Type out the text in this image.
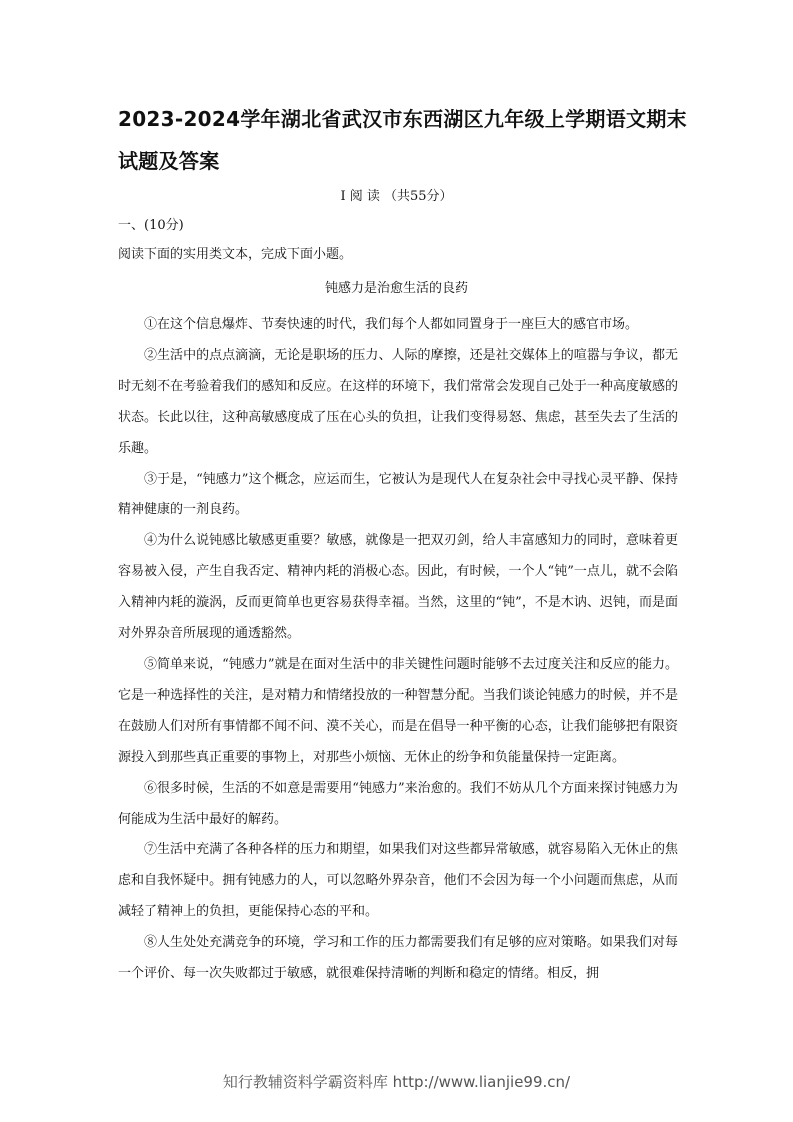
2023-2024学年湖北省武汉市东西湖区九年级上学期语文期末试题及答案
I 阅 读 （共55分）
一、(10分)
阅读下面的实用类文本，完成下面小题。
钝感力是治愈生活的良药

①在这个信息爆炸、节奏快速的时代，我们每个人都如同置身于一座巨大的感官市场。

②生活中的点点滴滴，无论是职场的压力、人际的摩擦，还是社交媒体上的喧嚣与争议，都无时无刻不在考验着我们的感知和反应。在这样的环境下，我们常常会发现自己处于一种高度敏感的状态。长此以往，这种高敏感度成了压在心头的负担，让我们变得易怒、焦虑，甚至失去了生活的乐趣。

③于是，“钝感力”这个概念，应运而生，它被认为是现代人在复杂社会中寻找心灵平静、保持精神健康的一剂良药。

④为什么说钝感比敏感更重要？敏感，就像是一把双刃剑，给人丰富感知力的同时，意味着更容易被入侵，产生自我否定、精神内耗的消极心态。因此，有时候，一个人“钝”一点儿，就不会陷入精神内耗的漩涡，反而更简单也更容易获得幸福。当然，这里的“钝”，不是木讷、迟钝，而是面对外界杂音所展现的通透豁然。

⑤简单来说，“钝感力”就是在面对生活中的非关键性问题时能够不去过度关注和反应的能力。它是一种选择性的关注，是对精力和情绪投放的一种智慧分配。当我们谈论钝感力的时候，并不是在鼓励人们对所有事情都不闻不问、漠不关心，而是在倡导一种平衡的心态，让我们能够把有限资源投入到那些真正重要的事物上，对那些小烦恼、无休止的纷争和负能量保持一定距离。

⑥很多时候，生活的不如意是需要用“钝感力”来治愈的。我们不妨从几个方面来探讨钝感力为何能成为生活中最好的解药。

⑦生活中充满了各种各样的压力和期望，如果我们对这些都异常敏感，就容易陷入无休止的焦虑和自我怀疑中。拥有钝感力的人，可以忽略外界杂音，他们不会因为每一个小问题而焦虑，从而减轻了精神上的负担，更能保持心态的平和。

⑧人生处处充满竞争的环境，学习和工作的压力都需要我们有足够的应对策略。如果我们对每一个评价、每一次失败都过于敏感，就很难保持清晰的判断和稳定的情绪。相反，拥

知行教辅资料学霸资料库 http://www.lianjie99.cn/
